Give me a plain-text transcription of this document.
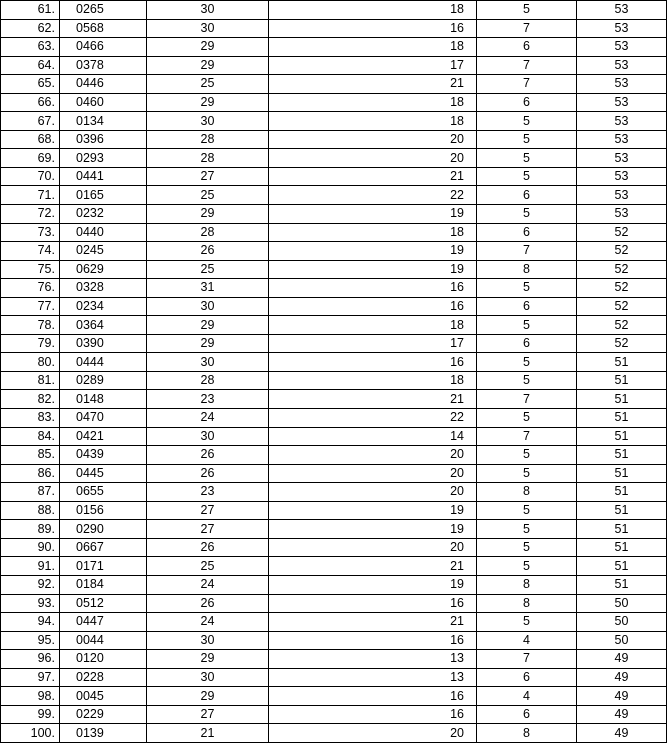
61.	0265	30	18	5	53
62.	0568	30	16	7	53
63.	0466	29	18	6	53
64.	0378	29	17	7	53
65.	0446	25	21	7	53
66.	0460	29	18	6	53
67.	0134	30	18	5	53
68.	0396	28	20	5	53
69.	0293	28	20	5	53
70.	0441	27	21	5	53
71.	0165	25	22	6	53
72.	0232	29	19	5	53
73.	0440	28	18	6	52
74.	0245	26	19	7	52
75.	0629	25	19	8	52
76.	0328	31	16	5	52
77.	0234	30	16	6	52
78.	0364	29	18	5	52
79.	0390	29	17	6	52
80.	0444	30	16	5	51
81.	0289	28	18	5	51
82.	0148	23	21	7	51
83.	0470	24	22	5	51
84.	0421	30	14	7	51
85.	0439	26	20	5	51
86.	0445	26	20	5	51
87.	0655	23	20	8	51
88.	0156	27	19	5	51
89.	0290	27	19	5	51
90.	0667	26	20	5	51
91.	0171	25	21	5	51
92.	0184	24	19	8	51
93.	0512	26	16	8	50
94.	0447	24	21	5	50
95.	0044	30	16	4	50
96.	0120	29	13	7	49
97.	0228	30	13	6	49
98.	0045	29	16	4	49
99.	0229	27	16	6	49
100.	0139	21	20	8	49
